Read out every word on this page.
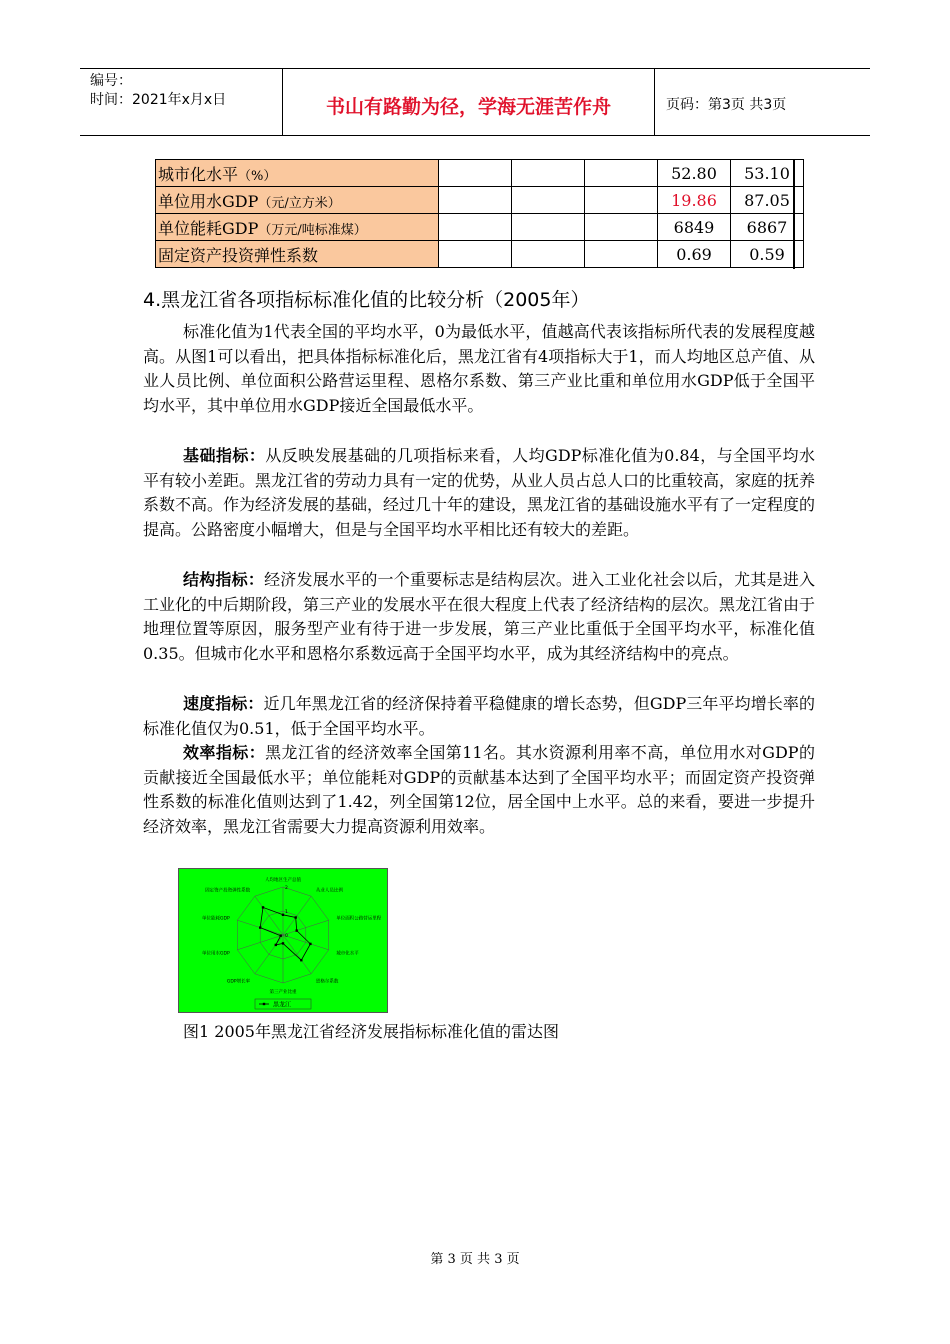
编号：
时间：2021年x月x日	书山有路勤为径，学海无涯苦作舟	页码：第3页 共3页
城市化水平（%）				52.80	53.10
单位用水GDP（元/立方米）				19.86	87.05
单位能耗GDP（万元/吨标准煤）				6849	6867
固定资产投资弹性系数				0.69	0.59
4.黑龙江省各项指标标准化值的比较分析（2005年）
标准化值为1代表全国的平均水平，0为最低水平，值越高代表该指标所代表的发展程度越高。从图1可以看出，把具体指标标准化后，黑龙江省有4项指标大于1，而人均地区总产值、从业人员比例、单位面积公路营运里程、恩格尔系数、第三产业比重和单位用水GDP低于全国平均水平，其中单位用水GDP接近全国最低水平。
基础指标：从反映发展基础的几项指标来看，人均GDP标准化值为0.84，与全国平均水平有较小差距。黑龙江省的劳动力具有一定的优势，从业人员占总人口的比重较高，家庭的抚养系数不高。作为经济发展的基础，经过几十年的建设，黑龙江省的基础设施水平有了一定程度的提高。公路密度小幅增大，但是与全国平均水平相比还有较大的差距。
结构指标：经济发展水平的一个重要标志是结构层次。进入工业化社会以后，尤其是进入工业化的中后期阶段，第三产业的发展水平在很大程度上代表了经济结构的层次。黑龙江省由于地理位置等原因，服务型产业有待于进一步发展，第三产业比重低于全国平均水平，标准化值0.35。但城市化水平和恩格尔系数远高于全国平均水平，成为其经济结构中的亮点。
速度指标：近几年黑龙江省的经济保持着平稳健康的增长态势，但GDP三年平均增长率的标准化值仅为0.51，低于全国平均水平。
效率指标：黑龙江省的经济效率全国第11名。其水资源利用率不高，单位用水对GDP的贡献接近全国最低水平；单位能耗对GDP的贡献基本达到了全国平均水平；而固定资产投资弹性系数的标准化值则达到了1.42，列全国第12位，居全国中上水平。总的来看，要进一步提升经济效率，黑龙江省需要大力提高资源利用效率。
人均地区生产总值
从业人员比例
单位面积公路营运里程
城市化水平
恩格尔系数
第三产业比重
GDP增长率
单位用水GDP
单位能耗GDP
固定资产投资弹性系数
0
1
2
黑龙江
图1 2005年黑龙江省经济发展指标标准化值的雷达图
第 3 页 共 3 页
